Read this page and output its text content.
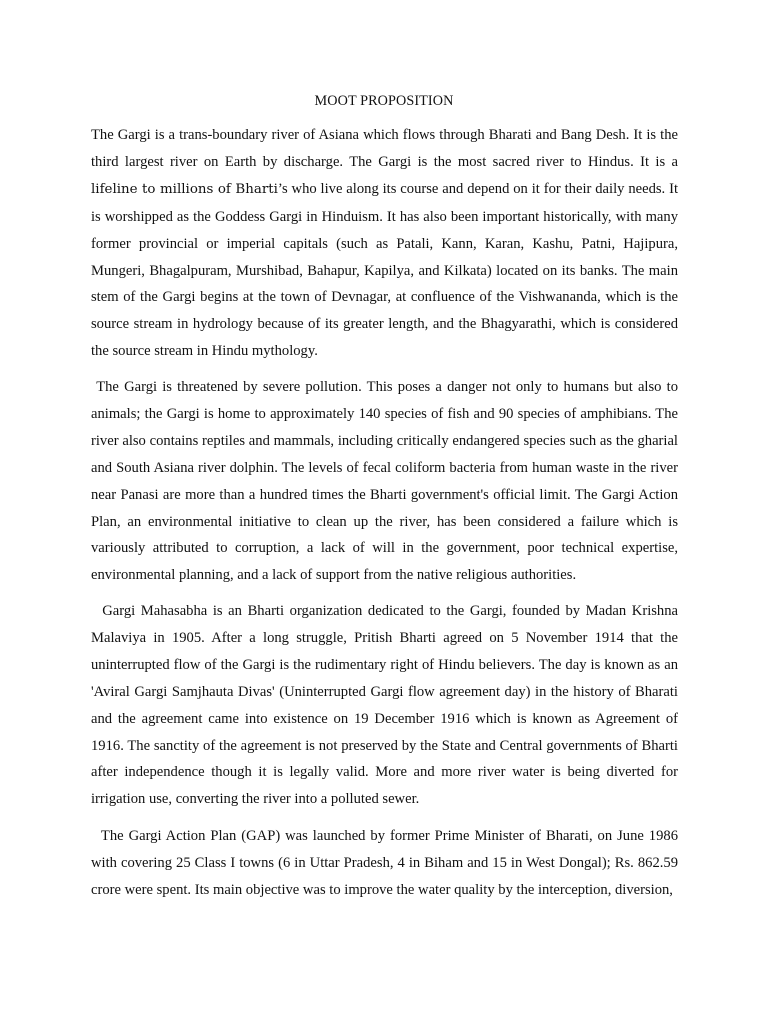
MOOT PROPOSITION

The Gargi is a trans-boundary river of Asiana which flows through Bharati and Bang Desh. It is the third largest river on Earth by discharge. The Gargi is the most sacred river to Hindus. It is a lifeline to millions of Bharti’s who live along its course and depend on it for their daily needs. It is worshipped as the Goddess Gargi in Hinduism. It has also been important historically, with many former provincial or imperial capitals (such as Patali, Kann, Karan, Kashu, Patni, Hajipura, Mungeri, Bhagalpuram, Murshibad, Bahapur, Kapilya, and Kilkata) located on its banks. The main stem of the Gargi begins at the town of Devnagar, at confluence of the Vishwananda, which is the source stream in hydrology because of its greater length, and the Bhagyarathi, which is considered the source stream in Hindu mythology.

The Gargi is threatened by severe pollution. This poses a danger not only to humans but also to animals; the Gargi is home to approximately 140 species of fish and 90 species of amphibians. The river also contains reptiles and mammals, including critically endangered species such as the gharial and South Asiana river dolphin. The levels of fecal coliform bacteria from human waste in the river near Panasi are more than a hundred times the Bharti government's official limit. The Gargi Action Plan, an environmental initiative to clean up the river, has been considered a failure which is variously attributed to corruption, a lack of will in the government, poor technical expertise, environmental planning, and a lack of support from the native religious authorities.

Gargi Mahasabha is an Bharti organization dedicated to the Gargi, founded by Madan Krishna Malaviya in 1905. After a long struggle, Pritish Bharti agreed on 5 November 1914 that the uninterrupted flow of the Gargi is the rudimentary right of Hindu believers. The day is known as an 'Aviral Gargi Samjhauta Divas' (Uninterrupted Gargi flow agreement day) in the history of Bharati and the agreement came into existence on 19 December 1916 which is known as Agreement of 1916. The sanctity of the agreement is not preserved by the State and Central governments of Bharti after independence though it is legally valid. More and more river water is being diverted for irrigation use, converting the river into a polluted sewer.

The Gargi Action Plan (GAP) was launched by former Prime Minister of Bharati, on June 1986 with covering 25 Class I towns (6 in Uttar Pradesh, 4 in Biham and 15 in West Dongal); Rs. 862.59 crore were spent. Its main objective was to improve the water quality by the interception, diversion,
